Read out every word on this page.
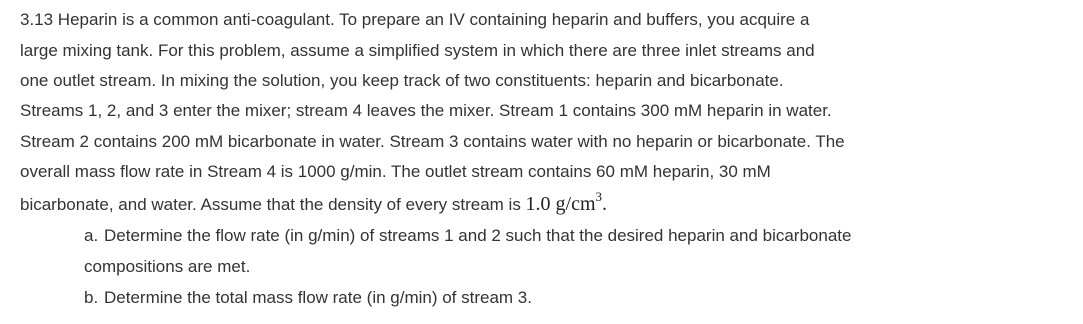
3.13 Heparin is a common anti-coagulant. To prepare an IV containing heparin and buffers, you acquire a
large mixing tank. For this problem, assume a simplified system in which there are three inlet streams and
one outlet stream. In mixing the solution, you keep track of two constituents: heparin and bicarbonate.
Streams 1, 2, and 3 enter the mixer; stream 4 leaves the mixer. Stream 1 contains 300 mM heparin in water.
Stream 2 contains 200 mM bicarbonate in water. Stream 3 contains water with no heparin or bicarbonate. The
overall mass flow rate in Stream 4 is 1000 g/min. The outlet stream contains 60 mM heparin, 30 mM
bicarbonate, and water. Assume that the density of every stream is 1.0 $g/cm^3$.
a. Determine the flow rate (in g/min) of streams 1 and 2 such that the desired heparin and bicarbonate
compositions are met.
b. Determine the total mass flow rate (in g/min) of stream 3.
